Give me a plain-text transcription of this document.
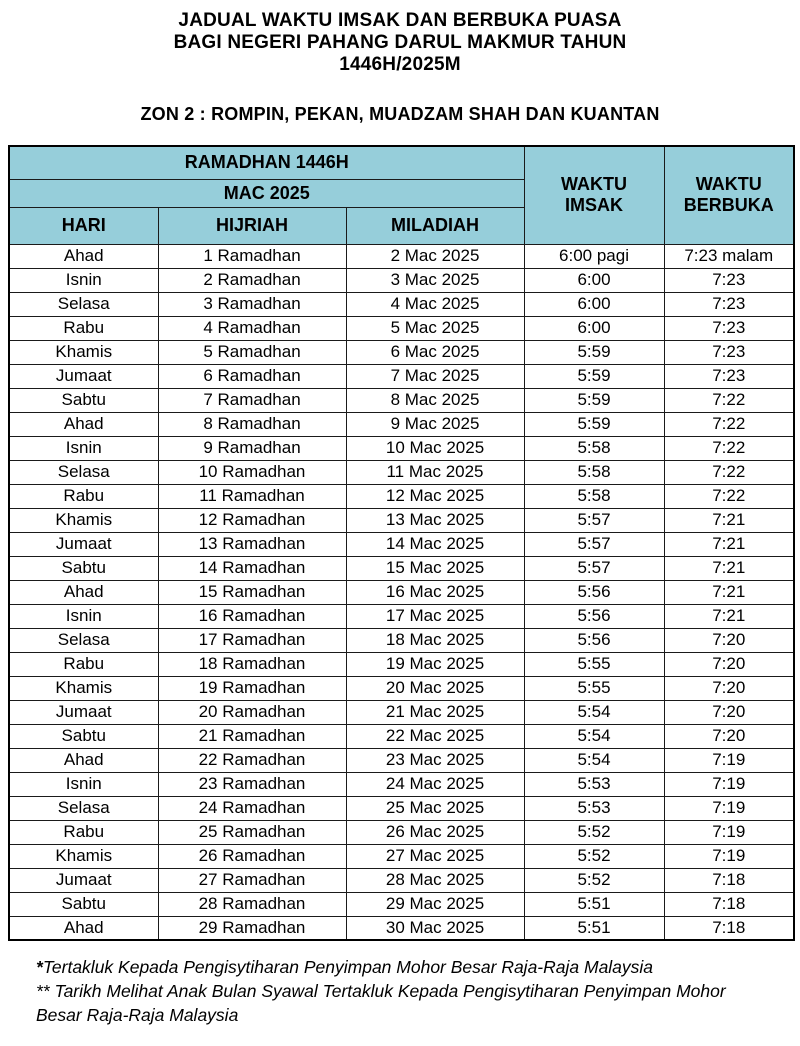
JADUAL WAKTU IMSAK DAN BERBUKA PUASA
BAGI NEGERI PAHANG DARUL MAKMUR TAHUN
1446H/2025M
ZON 2 : ROMPIN, PEKAN, MUADZAM SHAH DAN KUANTAN
RAMADHAN 1446H			WAKTU IMSAK	WAKTU BERBUKA

MAC 2025				
HARI	HIJRIAH	MILADIAH		
Ahad	1 Ramadhan	2 Mac 2025	6:00 pagi	7:23 malam
Isnin	2 Ramadhan	3 Mac 2025	6:00	7:23
Selasa	3 Ramadhan	4 Mac 2025	6:00	7:23
Rabu	4 Ramadhan	5 Mac 2025	6:00	7:23
Khamis	5 Ramadhan	6 Mac 2025	5:59	7:23
Jumaat	6 Ramadhan	7 Mac 2025	5:59	7:23
Sabtu	7 Ramadhan	8 Mac 2025	5:59	7:22
Ahad	8 Ramadhan	9 Mac 2025	5:59	7:22
Isnin	9 Ramadhan	10 Mac 2025	5:58	7:22
Selasa	10 Ramadhan	11 Mac 2025	5:58	7:22
Rabu	11 Ramadhan	12 Mac 2025	5:58	7:22
Khamis	12 Ramadhan	13 Mac 2025	5:57	7:21
Jumaat	13 Ramadhan	14 Mac 2025	5:57	7:21
Sabtu	14 Ramadhan	15 Mac 2025	5:57	7:21
Ahad	15 Ramadhan	16 Mac 2025	5:56	7:21
Isnin	16 Ramadhan	17 Mac 2025	5:56	7:21
Selasa	17 Ramadhan	18 Mac 2025	5:56	7:20
Rabu	18 Ramadhan	19 Mac 2025	5:55	7:20
Khamis	19 Ramadhan	20 Mac 2025	5:55	7:20
Jumaat	20 Ramadhan	21 Mac 2025	5:54	7:20
Sabtu	21 Ramadhan	22 Mac 2025	5:54	7:20
Ahad	22 Ramadhan	23 Mac 2025	5:54	7:19
Isnin	23 Ramadhan	24 Mac 2025	5:53	7:19
Selasa	24 Ramadhan	25 Mac 2025	5:53	7:19
Rabu	25 Ramadhan	26 Mac 2025	5:52	7:19
Khamis	26 Ramadhan	27 Mac 2025	5:52	7:19
Jumaat	27 Ramadhan	28 Mac 2025	5:52	7:18
Sabtu	28 Ramadhan	29 Mac 2025	5:51	7:18
Ahad	29 Ramadhan	30 Mac 2025	5:51	7:18
*Tertakluk Kepada Pengisytiharan Penyimpan Mohor Besar Raja-Raja Malaysia
** Tarikh Melihat Anak Bulan Syawal Tertakluk Kepada Pengisytiharan Penyimpan Mohor Besar Raja-Raja Malaysia
